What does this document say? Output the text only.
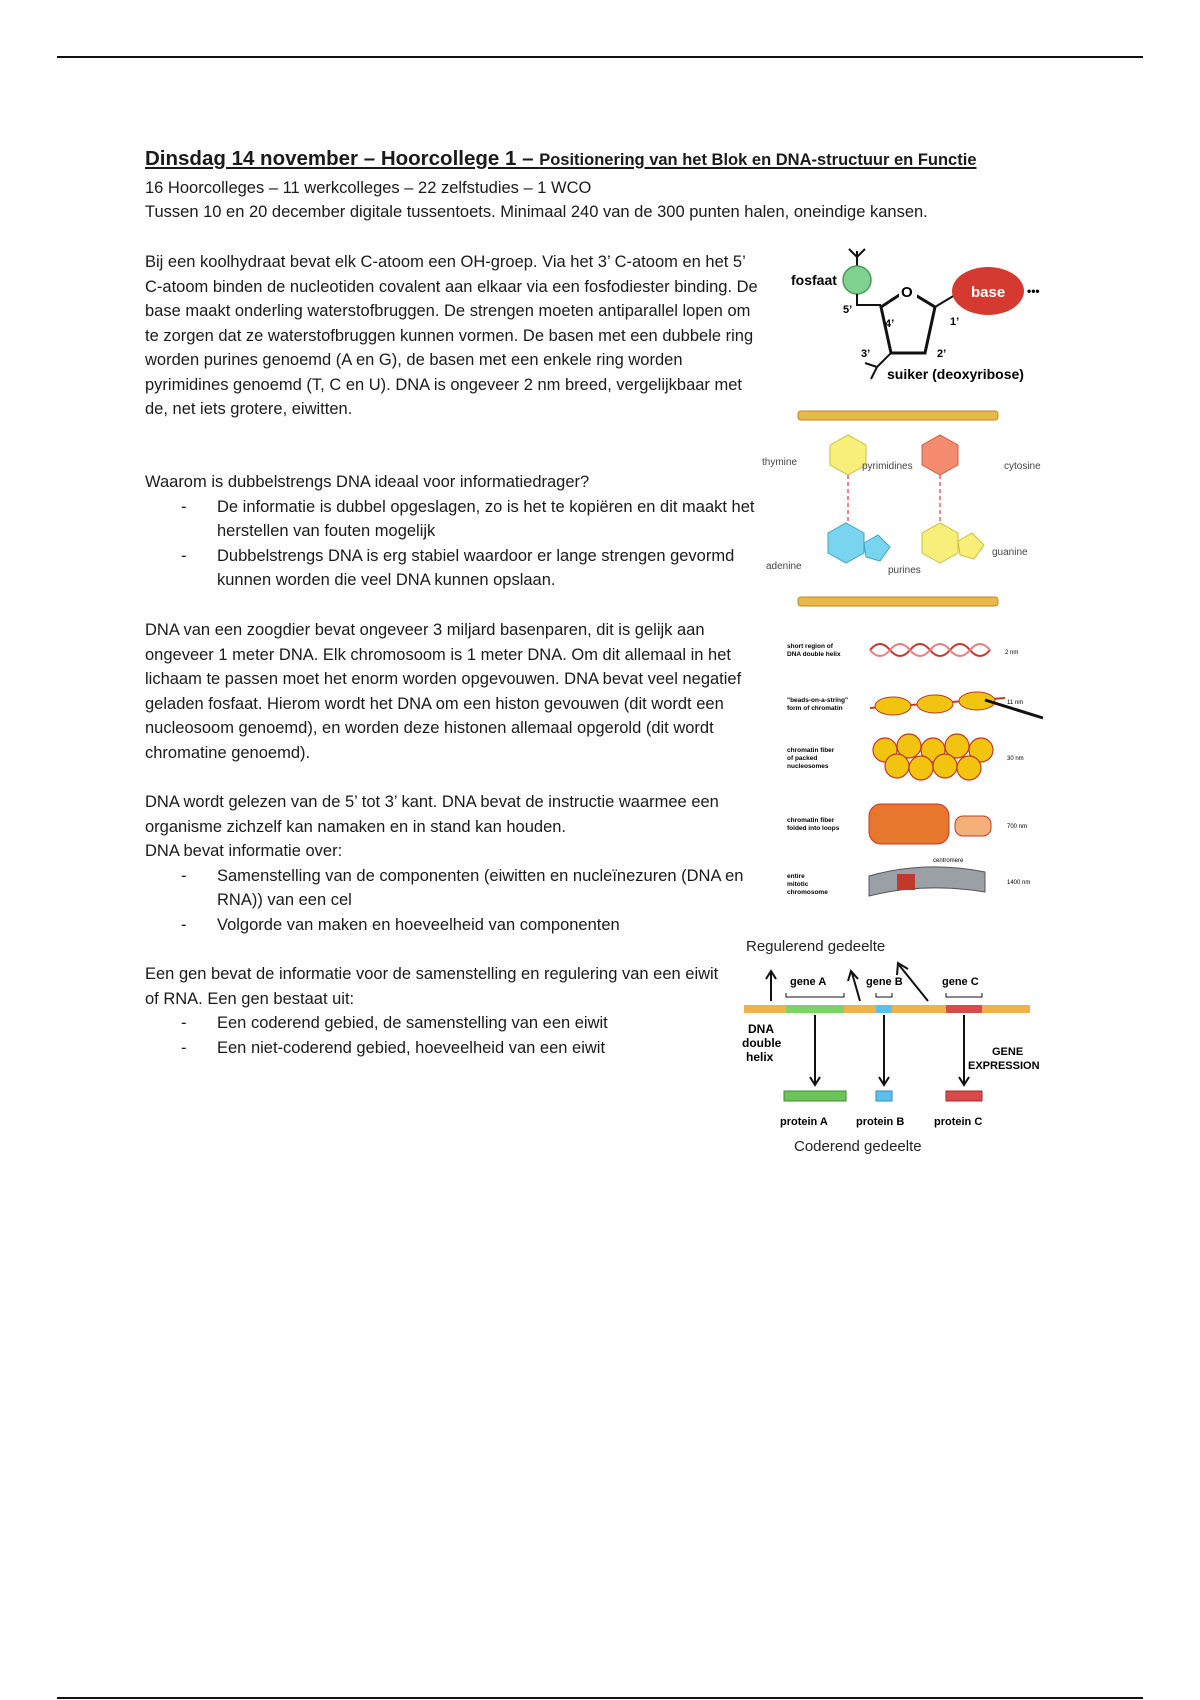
Dinsdag 14 november – Hoorcollege 1 – Positionering van het Blok en DNA-structuur en Functie
16 Hoorcolleges – 11 werkcolleges – 22 zelfstudies – 1 WCO
Tussen 10 en 20 december digitale tussentoets. Minimaal 240 van de 300 punten halen, oneindige kansen.

Bij een koolhydraat bevat elk C-atoom een OH-groep. Via het 3’ C-atoom en het 5’ C-atoom binden de nucleotiden covalent aan elkaar via een fosfodiester binding. De base maakt onderling waterstofbruggen. De strengen moeten antiparallel lopen om te zorgen dat ze waterstofbruggen kunnen vormen. De basen met een dubbele ring worden purines genoemd (A en G), de basen met een enkele ring worden pyrimidines genoemd (T, C en U). DNA is ongeveer 2 nm breed, vergelijkbaar met de, net iets grotere, eiwitten.

Waarom is dubbelstrengs DNA ideaal voor informatiedrager?

- De informatie is dubbel opgeslagen, zo is het te kopiëren en dit maakt het herstellen van fouten mogelijk
- Dubbelstrengs DNA is erg stabiel waardoor er lange strengen gevormd kunnen worden die veel DNA kunnen opslaan.

DNA van een zoogdier bevat ongeveer 3 miljard basenparen, dit is gelijk aan ongeveer 1 meter DNA. Elk chromosoom is 1 meter DNA. Om dit allemaal in het lichaam te passen moet het enorm worden opgevouwen. DNA bevat veel negatief geladen fosfaat. Hierom wordt het DNA om een histon gevouwen (dit wordt een nucleosoom genoemd), en worden deze histonen allemaal opgerold (dit wordt chromatine genoemd).

DNA wordt gelezen van de 5’ tot 3’ kant. DNA bevat de instructie waarmee een organisme zichzelf kan namaken en in stand kan houden.

DNA bevat informatie over:

- Samenstelling van de componenten (eiwitten en nucleïnezuren (DNA en RNA)) van een cel
- Volgorde van maken en hoeveelheid van componenten

Een gen bevat de informatie voor de samenstelling en regulering van een eiwit of RNA. Een gen bestaat uit:

- Een coderend gebied, de samenstelling van een eiwit
- Een niet-coderend gebied, hoeveelheid van een eiwit
fosfaat
5’
O
4’	1’
3’	2’
base •••
suiker (deoxyribose)
thymine	pyrimidines	cytosine
adenine	purines
guanine
short region of
DNA double helix	2 nm
"beads-on-a-string"
form of chromatin
11 nm
chromatin fiber
of packed
nucleosomes
30 nm
chromatin fiber
folded into loops	700 nm
entire
mitotic
chromosome
centromere
1400 nm
Regulerend gedeelte
gene A	gene B	gene C
DNA
double
helix	GENE
EXPRESSION
protein A	protein B	protein C
Coderend gedeelte
